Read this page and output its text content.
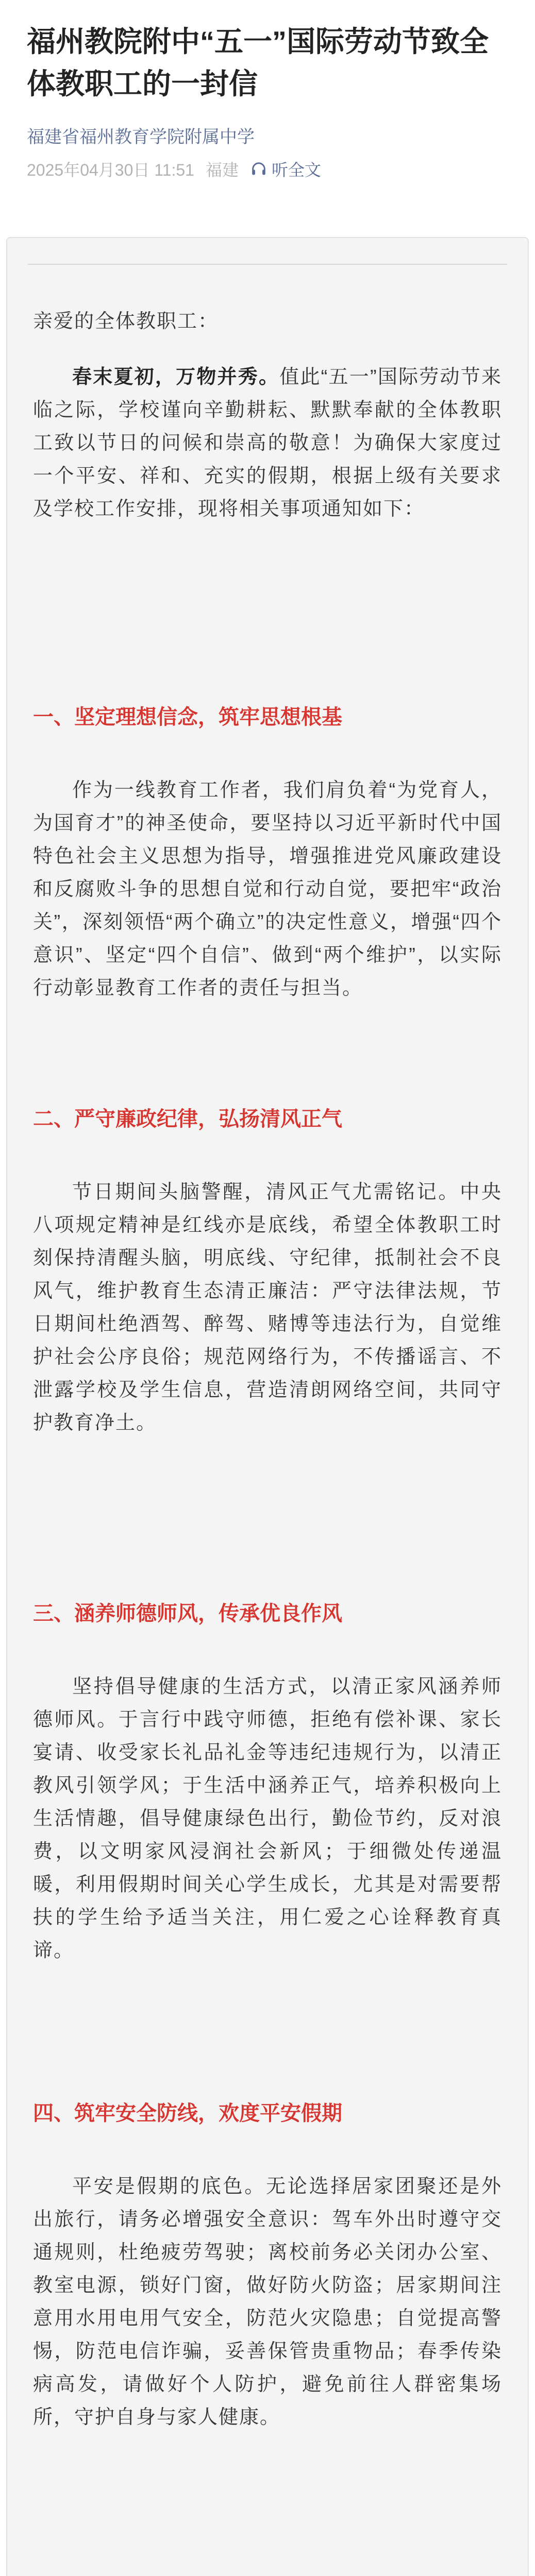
福州教院附中“五一”国际劳动节致全体教职工的一封信
福建省福州教育学院附属中学
2025年04月30日 11:51 福建 听全文

亲爱的全体教职工：

春末夏初，万物并秀。值此“五一”国际劳动节来临之际，学校谨向辛勤耕耘、默默奉献的全体教职工致以节日的问候和崇高的敬意！为确保大家度过一个平安、祥和、充实的假期，根据上级有关要求及学校工作安排，现将相关事项通知如下：

一、坚定理想信念，筑牢思想根基

作为一线教育工作者，我们肩负着“为党育人，为国育才”的神圣使命，要坚持以习近平新时代中国特色社会主义思想为指导，增强推进党风廉政建设和反腐败斗争的思想自觉和行动自觉，要把牢“政治关”，深刻领悟“两个确立”的决定性意义，增强“四个意识”、坚定“四个自信”、做到“两个维护”，以实际行动彰显教育工作者的责任与担当。

二、严守廉政纪律，弘扬清风正气

节日期间头脑警醒，清风正气尤需铭记。中央八项规定精神是红线亦是底线，希望全体教职工时刻保持清醒头脑，明底线、守纪律，抵制社会不良风气，维护教育生态清正廉洁：严守法律法规，节日期间杜绝酒驾、醉驾、赌博等违法行为，自觉维护社会公序良俗；规范网络行为，不传播谣言、不泄露学校及学生信息，营造清朗网络空间，共同守护教育净土。

三、涵养师德师风，传承优良作风

坚持倡导健康的生活方式，以清正家风涵养师德师风。于言行中践守师德，拒绝有偿补课、家长宴请、收受家长礼品礼金等违纪违规行为，以清正教风引领学风；于生活中涵养正气，培养积极向上生活情趣，倡导健康绿色出行，勤俭节约，反对浪费，以文明家风浸润社会新风；于细微处传递温暖，利用假期时间关心学生成长，尤其是对需要帮扶的学生给予适当关注，用仁爱之心诠释教育真谛。

四、筑牢安全防线，欢度平安假期

平安是假期的底色。无论选择居家团聚还是外出旅行，请务必增强安全意识：驾车外出时遵守交通规则，杜绝疲劳驾驶；离校前务必关闭办公室、教室电源，锁好门窗，做好防火防盗；居家期间注意用水用电用气安全，防范火灾隐患；自觉提高警惕，防范电信诈骗，妥善保管贵重物品；春季传染病高发，请做好个人防护，避免前往人群密集场所，守护自身与家人健康。
